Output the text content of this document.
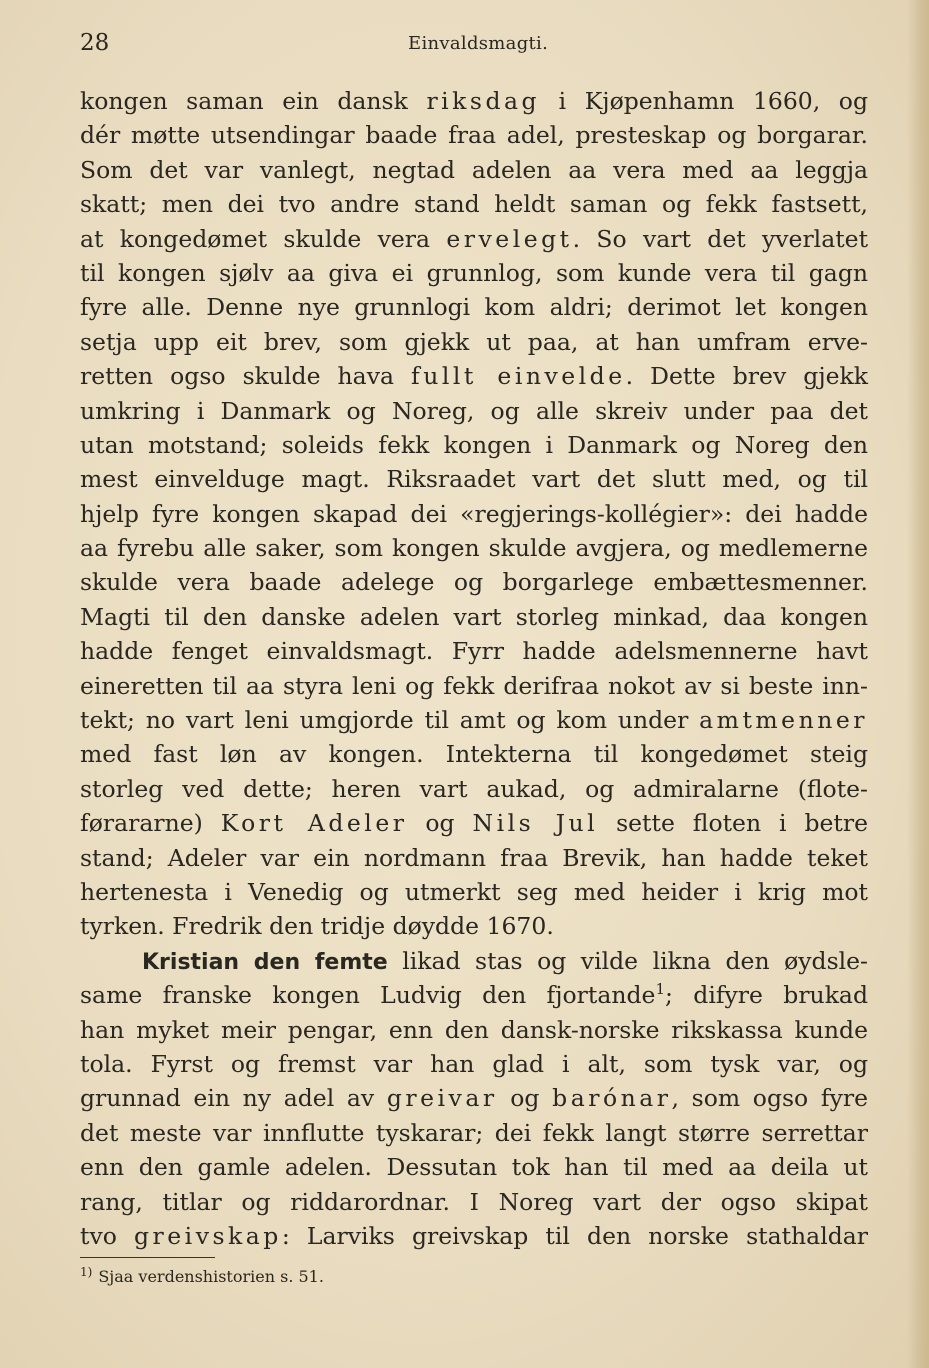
28	Einvaldsmagti.
kongen saman ein dansk riksdag i Kjøpenhamn 1660, og
dér møtte utsendingar baade fraa adel, presteskap og borgarar.
Som det var vanlegt, negtad adelen aa vera med aa leggja
skatt; men dei tvo andre stand heldt saman og fekk fastsett,
at kongedømet skulde vera ervelegt. So vart det yverlatet
til kongen sjølv aa giva ei grunnlog, som kunde vera til gagn
fyre alle. Denne nye grunnlogi kom aldri; derimot let kongen
setja upp eit brev, som gjekk ut paa, at han umfram erve-
retten ogso skulde hava fullt einvelde. Dette brev gjekk
umkring i Danmark og Noreg, og alle skreiv under paa det
utan motstand; soleids fekk kongen i Danmark og Noreg den
mest einvelduge magt. Riksraadet vart det slutt med, og til
hjelp fyre kongen skapad dei «regjerings-kollégier»: dei hadde
aa fyrebu alle saker, som kongen skulde avgjera, og medlemerne
skulde vera baade adelege og borgarlege embættesmenner.
Magti til den danske adelen vart storleg minkad, daa kongen
hadde fenget einvaldsmagt. Fyrr hadde adelsmennerne havt
eineretten til aa styra leni og fekk derifraa nokot av si beste inn-
tekt; no vart leni umgjorde til amt og kom under amtmenner
med fast løn av kongen. Intekterna til kongedømet steig
storleg ved dette; heren vart aukad, og admiralarne (flote-
førararne) Kort Adeler og Nils Jul sette floten i betre
stand; Adeler var ein nordmann fraa Brevik, han hadde teket
hertenesta i Venedig og utmerkt seg med heider i krig mot
tyrken. Fredrik den tridje døydde 1670.
Kristian den femte likad stas og vilde likna den øydsle-
same franske kongen Ludvig den fjortande$^1$; difyre brukad
han myket meir pengar, enn den dansk-norske rikskassa kunde
tola. Fyrst og fremst var han glad i alt, som tysk var, og
grunnad ein ny adel av greivar og barónar, som ogso fyre
det meste var innflutte tyskarar; dei fekk langt større serrettar
enn den gamle adelen. Dessutan tok han til med aa deila ut
rang, titlar og riddarordnar. I Noreg vart der ogso skipat
tvo greivskap: Larviks greivskap til den norske stathaldar
$^{1)}$ Sjaa verdenshistorien s. 51.
